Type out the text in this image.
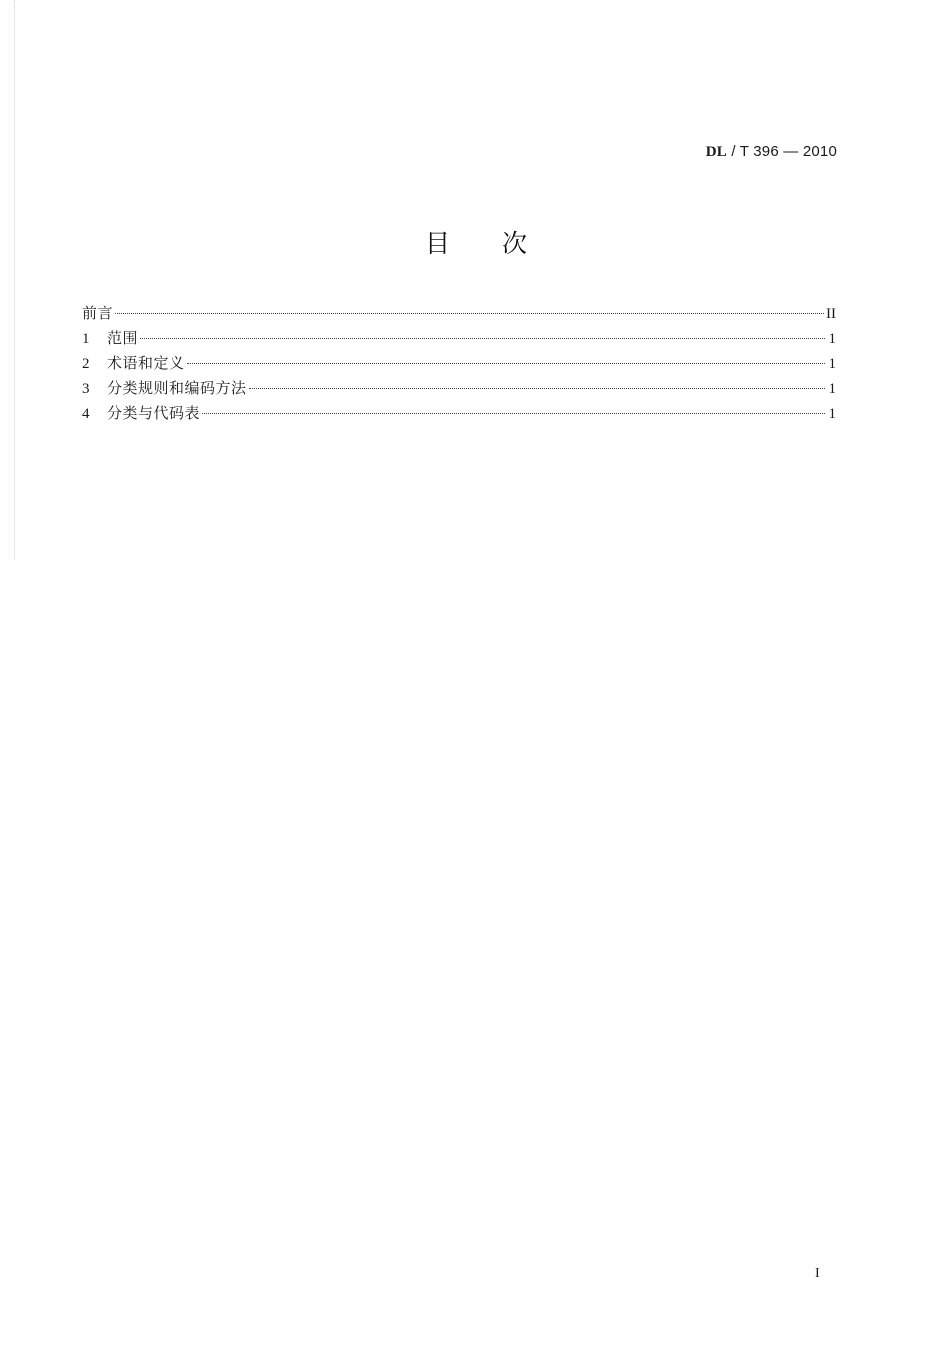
DL / T 396 — 2010
目次
前言	II
1	范围	1
2	术语和定义	1
3	分类规则和编码方法	1
4	分类与代码表	1
I
